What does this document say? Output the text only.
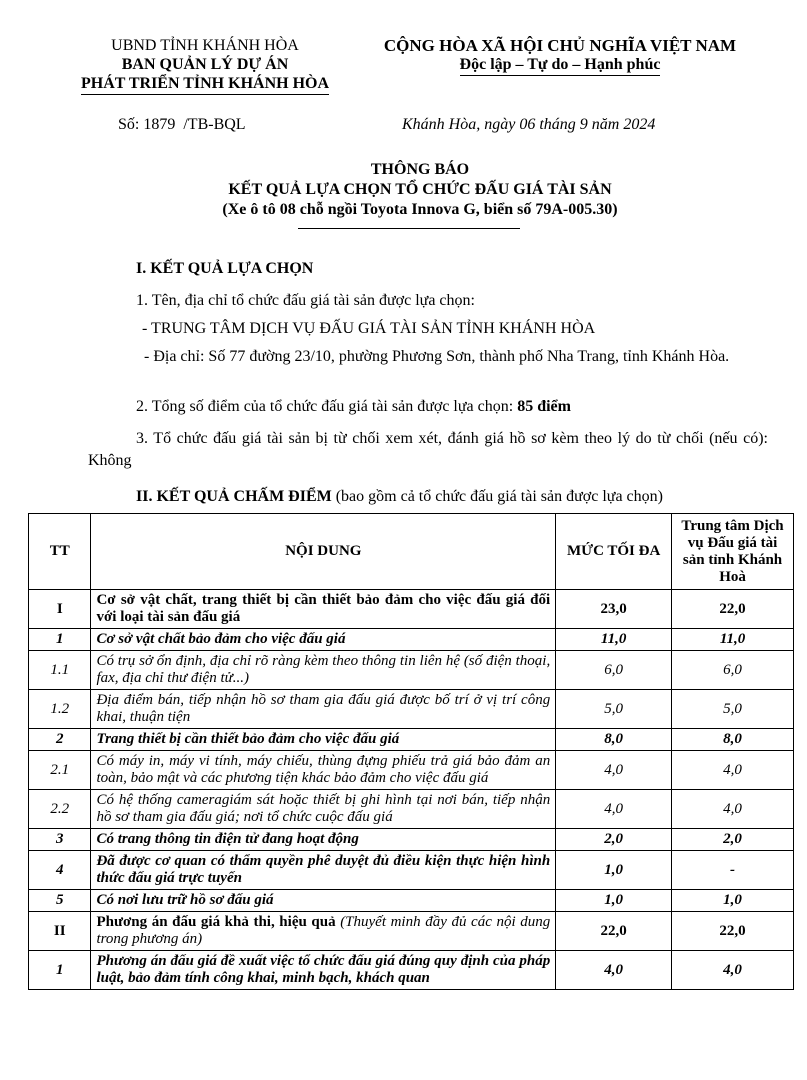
UBND TỈNH KHÁNH HÒA
BAN QUẢN LÝ DỰ ÁN
PHÁT TRIỂN TỈNH KHÁNH HÒA
CỘNG HÒA XÃ HỘI CHỦ NGHĨA VIỆT NAM
Độc lập – Tự do – Hạnh phúc
Số: 1879 /TB-BQL	Khánh Hòa, ngày 06 tháng 9 năm 2024
THÔNG BÁO
KẾT QUẢ LỰA CHỌN TỔ CHỨC ĐẤU GIÁ TÀI SẢN
(Xe ô tô 08 chỗ ngồi Toyota Innova G, biển số 79A-005.30)
I. KẾT QUẢ LỰA CHỌN
1. Tên, địa chỉ tổ chức đấu giá tài sản được lựa chọn:
- TRUNG TÂM DỊCH VỤ ĐẤU GIÁ TÀI SẢN TỈNH KHÁNH HÒA
- Địa chỉ: Số 77 đường 23/10, phường Phương Sơn, thành phố Nha Trang, tỉnh Khánh Hòa.
2. Tổng số điểm của tổ chức đấu giá tài sản được lựa chọn: 85 điểm
3. Tổ chức đấu giá tài sản bị từ chối xem xét, đánh giá hồ sơ kèm theo lý do từ chối (nếu có): Không
II. KẾT QUẢ CHẤM ĐIỂM (bao gồm cả tổ chức đấu giá tài sản được lựa chọn)
TT	NỘI DUNG	MỨC TỐI ĐA	Trung tâm Dịch vụ Đấu giá tài sản tỉnh Khánh Hoà
I	Cơ sở vật chất, trang thiết bị cần thiết bảo đảm cho việc đấu giá đối với loại tài sản đấu giá	23,0	22,0
1	Cơ sở vật chất bảo đảm cho việc đấu giá	11,0	11,0
1.1	Có trụ sở ổn định, địa chỉ rõ ràng kèm theo thông tin liên hệ (số điện thoại, fax, địa chỉ thư điện tử...)	6,0	6,0
1.2	Địa điểm bán, tiếp nhận hồ sơ tham gia đấu giá được bố trí ở vị trí công khai, thuận tiện	5,0	5,0
2	Trang thiết bị cần thiết bảo đảm cho việc đấu giá	8,0	8,0
2.1	Có máy in, máy vi tính, máy chiếu, thùng đựng phiếu trả giá bảo đảm an toàn, bảo mật và các phương tiện khác bảo đảm cho việc đấu giá	4,0	4,0
2.2	Có hệ thống cameragiám sát hoặc thiết bị ghi hình tại nơi bán, tiếp nhận hồ sơ tham gia đấu giá; nơi tổ chức cuộc đấu giá	4,0	4,0
3	Có trang thông tin điện tử đang hoạt động	2,0	2,0
4	Đã được cơ quan có thẩm quyền phê duyệt đủ điều kiện thực hiện hình thức đấu giá trực tuyến	1,0	-
5	Có nơi lưu trữ hồ sơ đấu giá	1,0	1,0
II	Phương án đấu giá khả thi, hiệu quả (Thuyết minh đầy đủ các nội dung trong phương án)	22,0	22,0
1	Phương án đấu giá đề xuất việc tổ chức đấu giá đúng quy định của pháp luật, bảo đảm tính công khai, minh bạch, khách quan	4,0	4,0
